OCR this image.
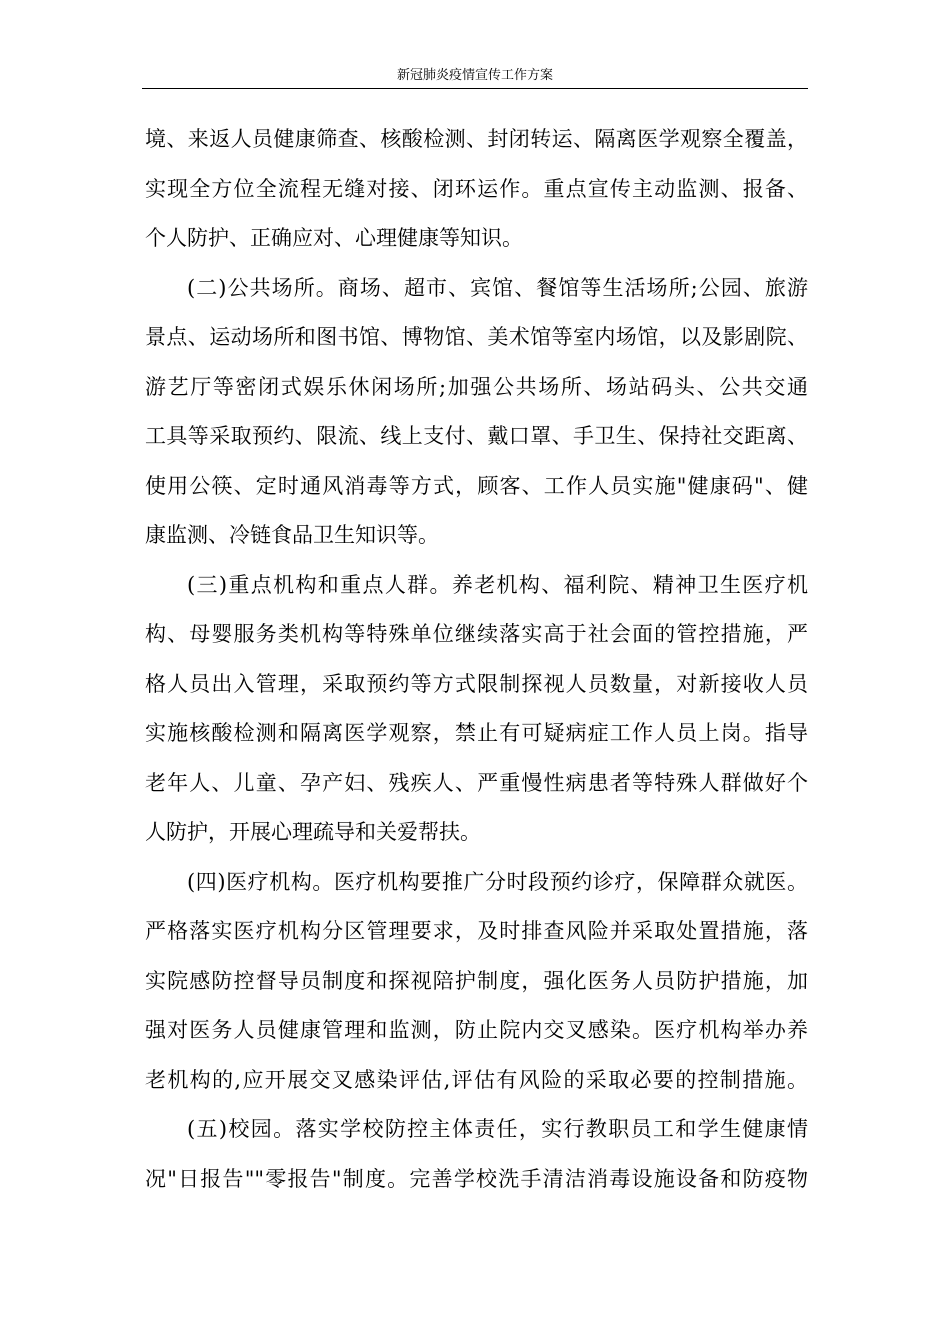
新冠肺炎疫情宣传工作方案
境、来返人员健康筛查、核酸检测、封闭转运、隔离医学观察全覆盖，
实现全方位全流程无缝对接、闭环运作。重点宣传主动监测、报备、
个人防护、正确应对、心理健康等知识。
(二)公共场所。商场、超市、宾馆、餐馆等生活场所;公园、旅游
景点、运动场所和图书馆、博物馆、美术馆等室内场馆，以及影剧院、
游艺厅等密闭式娱乐休闲场所;加强公共场所、场站码头、公共交通
工具等采取预约、限流、线上支付、戴口罩、手卫生、保持社交距离、
使用公筷、定时通风消毒等方式，顾客、工作人员实施"健康码"、健
康监测、冷链食品卫生知识等。
(三)重点机构和重点人群。养老机构、福利院、精神卫生医疗机
构、母婴服务类机构等特殊单位继续落实高于社会面的管控措施，严
格人员出入管理，采取预约等方式限制探视人员数量，对新接收人员
实施核酸检测和隔离医学观察，禁止有可疑病症工作人员上岗。指导
老年人、儿童、孕产妇、残疾人、严重慢性病患者等特殊人群做好个
人防护，开展心理疏导和关爱帮扶。
(四)医疗机构。医疗机构要推广分时段预约诊疗，保障群众就医。
严格落实医疗机构分区管理要求，及时排查风险并采取处置措施，落
实院感防控督导员制度和探视陪护制度，强化医务人员防护措施，加
强对医务人员健康管理和监测，防止院内交叉感染。医疗机构举办养
老机构的,应开展交叉感染评估,评估有风险的采取必要的控制措施。
(五)校园。落实学校防控主体责任，实行教职员工和学生健康情
况"日报告""零报告"制度。完善学校洗手清洁消毒设施设备和防疫物
